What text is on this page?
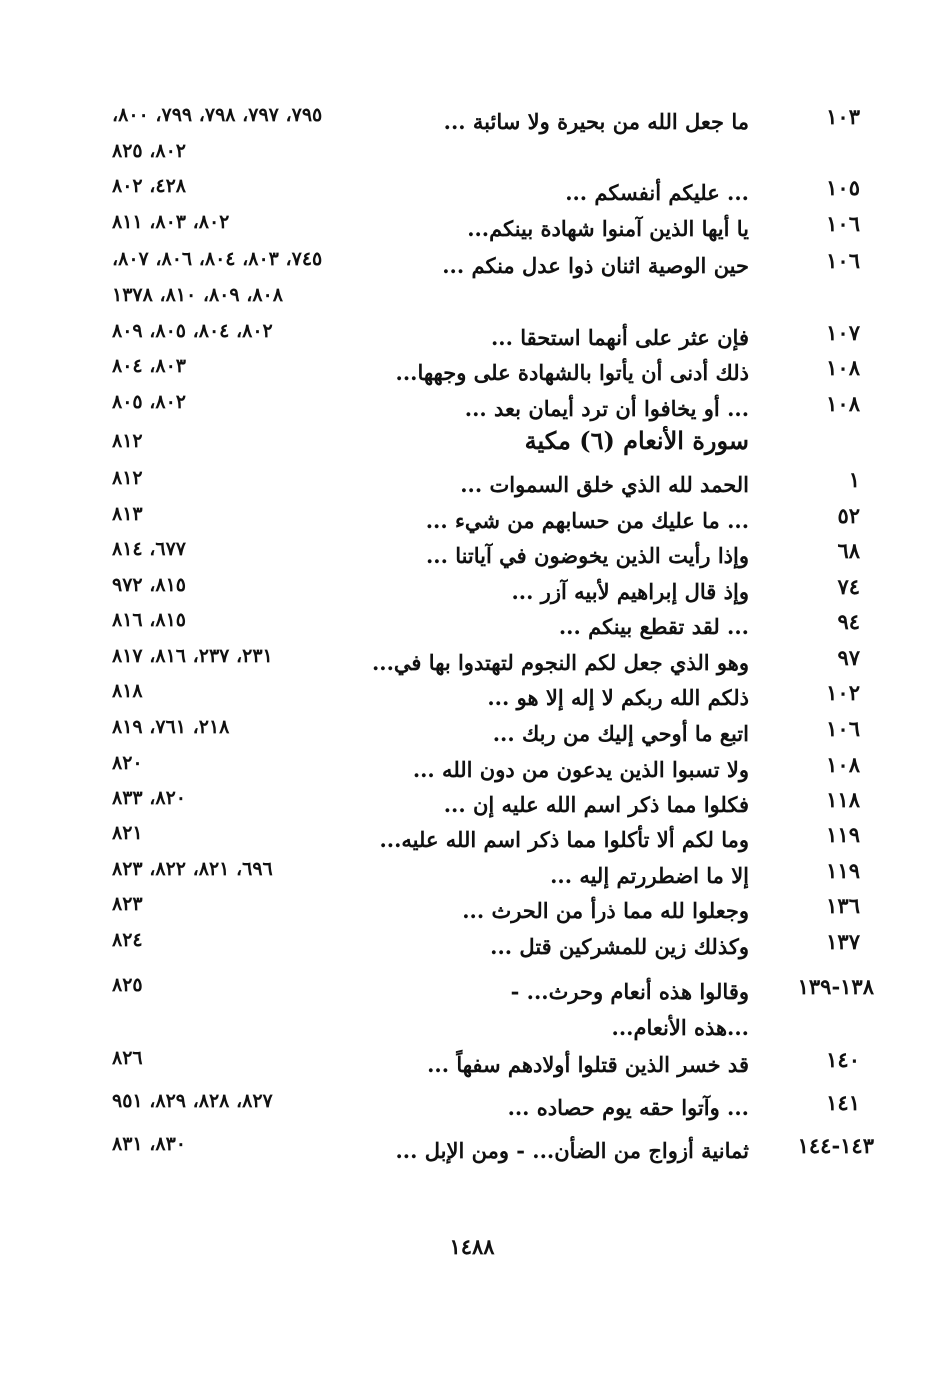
١٠٣
ما جعل الله من بحيرة ولا سائبة ...
٧٩٥، ٧٩٧، ٧٩٨، ٧٩٩، ٨٠٠،
٨٠٢، ٨٢٥
١٠٥
... عليكم أنفسكم ...
٤٢٨، ٨٠٢
١٠٦
يا أيها الذين آمنوا شهادة بينكم...
٨٠٢، ٨٠٣، ٨١١
١٠٦
حين الوصية اثنان ذوا عدل منكم ...
٧٤٥، ٨٠٣، ٨٠٤، ٨٠٦، ٨٠٧،
٨٠٨، ٨٠٩، ٨١٠، ١٣٧٨
١٠٧
فإن عثر على أنهما استحقا ...
٨٠٢، ٨٠٤، ٨٠٥، ٨٠٩
١٠٨
ذلك أدنى أن يأتوا بالشهادة على وجهها...
٨٠٣، ٨٠٤
١٠٨
... أو يخافوا أن ترد أيمان بعد ...
٨٠٢، ٨٠٥
سورة الأنعام (٦) مكية
٨١٢
١
الحمد لله الذي خلق السموات ...
٨١٢
٥٢
... ما عليك من حسابهم من شيء ...
٨١٣
٦٨
وإذا رأيت الذين يخوضون في آياتنا ...
٦٧٧، ٨١٤
٧٤
وإذ قال إبراهيم لأبيه آزر ...
٨١٥، ٩٧٢
٩٤
... لقد تقطع بينكم ...
٨١٥، ٨١٦
٩٧
وهو الذي جعل لكم النجوم لتهتدوا بها في...
٢٣١، ٢٣٧، ٨١٦، ٨١٧
١٠٢
ذلكم الله ربكم لا إله إلا هو ...
٨١٨
١٠٦
اتبع ما أوحي إليك من ربك ...
٢١٨، ٧٦١، ٨١٩
١٠٨
ولا تسبوا الذين يدعون من دون الله ...
٨٢٠
١١٨
فكلوا مما ذكر اسم الله عليه إن ...
٨٢٠، ٨٣٣
١١٩
وما لكم ألا تأكلوا مما ذكر اسم الله عليه...
٨٢١
١١٩
إلا ما اضطررتم إليه ...
٦٩٦، ٨٢١، ٨٢٢، ٨٢٣
١٣٦
وجعلوا لله مما ذرأ من الحرث ...
٨٢٣
١٣٧
وكذلك زين للمشركين قتل ...
٨٢٤
١٣٨-١٣٩
وقالوا هذه أنعام وحرث... - ...هذه الأنعام...
٨٢٥
١٤٠
قد خسر الذين قتلوا أولادهم سفهاً ...
٨٢٦
١٤١
... وآتوا حقه يوم حصاده ...
٨٢٧، ٨٢٨، ٨٢٩، ٩٥١
١٤٣-١٤٤
ثمانية أزواج من الضأن... - ومن الإبل ...
٨٣٠، ٨٣١
١٤٨٨
